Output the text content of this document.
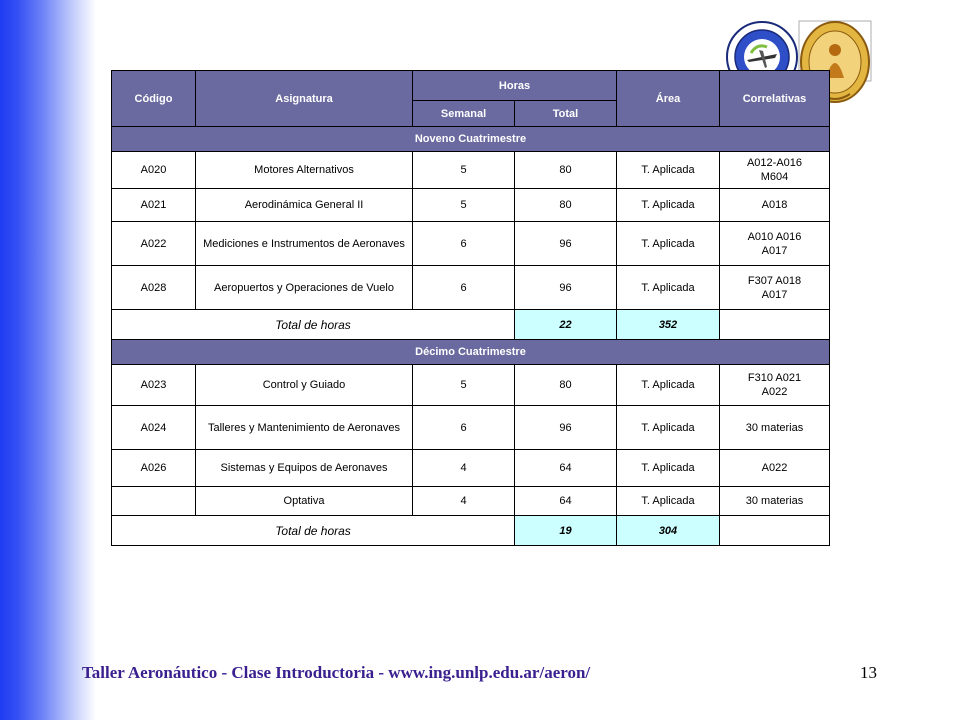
Código	Asignatura	Horas		Área	Correlativas
		Semanal	Total		
Noveno Cuatrimestre					
A020	Motores Alternativos	5	80	T. Aplicada	A012-A016
M604
A021	Aerodinámica General II	5	80	T. Aplicada	A018
A022	Mediciones e Instrumentos de Aeronaves	6	96	T. Aplicada	A010 A016
A017
A028	Aeropuertos y Operaciones de Vuelo	6	96	T. Aplicada	F307 A018
A017
Total de horas			22	352	
Décimo Cuatrimestre					
A023	Control y Guiado	5	80	T. Aplicada	F310 A021
A022
A024	Talleres y Mantenimiento de Aeronaves	6	96	T. Aplicada	30 materias
A026	Sistemas y Equipos de Aeronaves	4	64	T. Aplicada	A022
	Optativa	4	64	T. Aplicada	30 materias
Total de horas			19	304	
Taller Aeronáutico - Clase Introductoria - www.ing.unlp.edu.ar/aeron/	13
